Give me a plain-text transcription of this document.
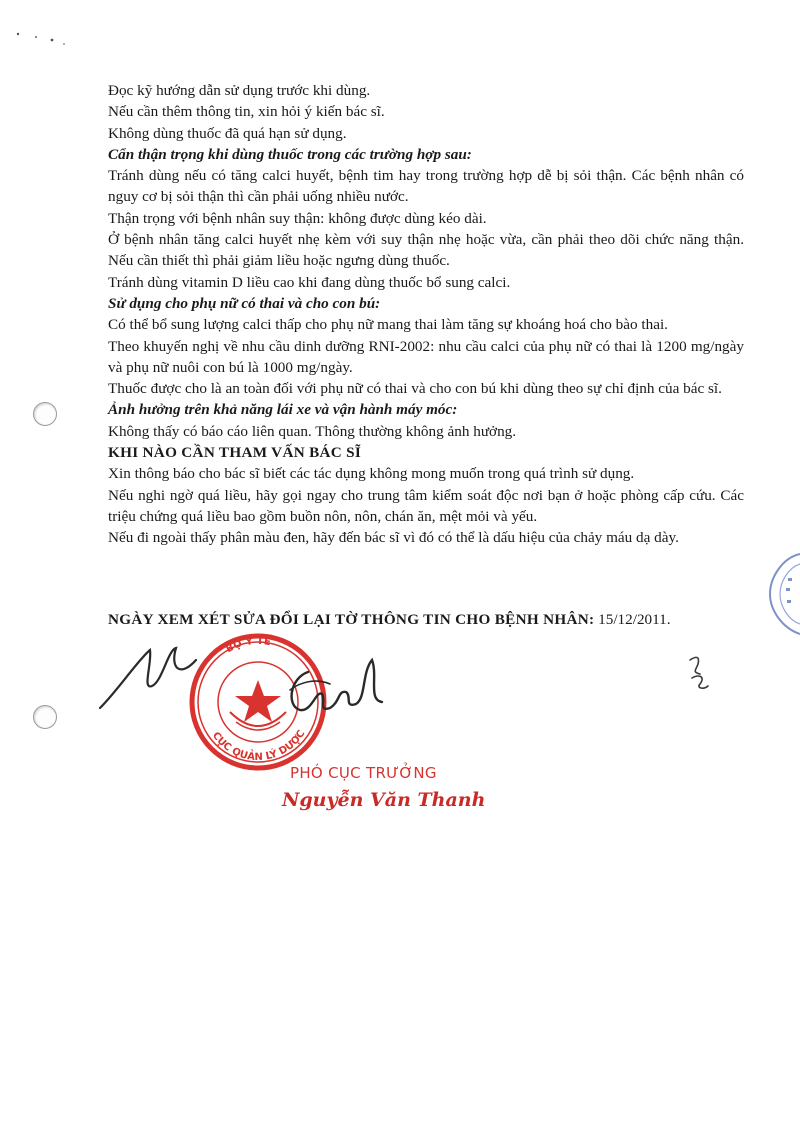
Đọc kỹ hướng dẫn sử dụng trước khi dùng.

Nếu cần thêm thông tin, xin hỏi ý kiến bác sĩ.

Không dùng thuốc đã quá hạn sử dụng.

Cẩn thận trọng khi dùng thuốc trong các trường hợp sau:

Tránh dùng nếu có tăng calci huyết, bệnh tim hay trong trường hợp dễ bị sỏi thận. Các bệnh nhân có nguy cơ bị sỏi thận thì cần phải uống nhiều nước.

Thận trọng với bệnh nhân suy thận: không được dùng kéo dài.

Ở bệnh nhân tăng calci huyết nhẹ kèm với suy thận nhẹ hoặc vừa, cần phải theo dõi chức năng thận. Nếu cần thiết thì phải giảm liều hoặc ngưng dùng thuốc.

Tránh dùng vitamin D liều cao khi đang dùng thuốc bổ sung calci.

Sử dụng cho phụ nữ có thai và cho con bú:

Có thể bổ sung lượng calci thấp cho phụ nữ mang thai làm tăng sự khoáng hoá cho bào thai.

Theo khuyến nghị về nhu cầu dinh dưỡng RNI-2002: nhu cầu calci của phụ nữ có thai là 1200 mg/ngày và phụ nữ nuôi con bú là 1000 mg/ngày.

Thuốc được cho là an toàn đối với phụ nữ có thai và cho con bú khi dùng theo sự chỉ định của bác sĩ.

Ảnh hưởng trên khả năng lái xe và vận hành máy móc:

Không thấy có báo cáo liên quan. Thông thường không ảnh hưởng.

KHI NÀO CẦN THAM VẤN BÁC SĨ

Xin thông báo cho bác sĩ biết các tác dụng không mong muốn trong quá trình sử dụng.

Nếu nghi ngờ quá liều, hãy gọi ngay cho trung tâm kiểm soát độc nơi bạn ở hoặc phòng cấp cứu. Các triệu chứng quá liều bao gồm buồn nôn, nôn, chán ăn, mệt mỏi và yếu.

Nếu đi ngoài thấy phân màu đen, hãy đến bác sĩ vì đó có thể là dấu hiệu của chảy máu dạ dày.

NGÀY XEM XÉT SỬA ĐỔI LẠI TỜ THÔNG TIN CHO BỆNH NHÂN: 15/12/2011.
BỘ Y TẾ
CỤC QUẢN LÝ DƯỢC
PHÓ CỤC TRƯỞNG
Nguyễn Văn Thanh
